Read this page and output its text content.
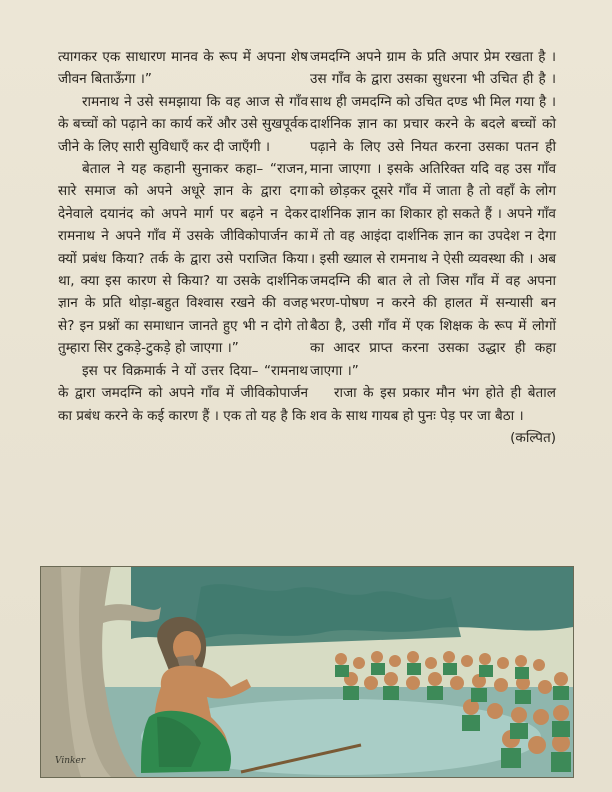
त्यागकर एक साधारण मानव के रूप में अपना शेष जीवन बिताऊँगा ।”

रामनाथ ने उसे समझाया कि वह आज से गाँव के बच्चों को पढ़ाने का कार्य करें और उसे सुखपूर्वक जीने के लिए सारी सुविधाएँ कर दी जाएँगी ।

बेताल ने यह कहानी सुनाकर कहा– “राजन, सारे समाज को अपने अधूरे ज्ञान के द्वारा दगा देनेवाले दयानंद को अपने मार्ग पर बढ़ने न देकर रामनाथ ने अपने गाँव में उसके जीविकोपार्जन का क्यों प्रबंध किया? तर्क के द्वारा उसे पराजित किया था, क्या इस कारण से किया? या उसके दार्शनिक ज्ञान के प्रति थोड़ा-बहुत विश्वास रखने की वजह से? इन प्रश्नों का समाधान जानते हुए भी न दोगे तो तुम्हारा सिर टुकड़े-टुकड़े हो जाएगा ।”

इस पर विक्रमार्क ने यों उत्तर दिया– “रामनाथ के द्वारा जमदग्नि को अपने गाँव में जीविकोपार्जन का प्रबंध करने के कई कारण हैं । एक तो यह है कि

जमदग्नि अपने ग्राम के प्रति अपार प्रेम रखता है । उस गाँव के द्वारा उसका सुधरना भी उचित ही है । साथ ही जमदग्नि को उचित दण्ड भी मिल गया है । दार्शनिक ज्ञान का प्रचार करने के बदले बच्चों को पढ़ाने के लिए उसे नियत करना उसका पतन ही माना जाएगा । इसके अतिरिक्त यदि वह उस गाँव को छोड़कर दूसरे गाँव में जाता है तो वहाँ के लोग दार्शनिक ज्ञान का शिकार हो सकते हैं । अपने गाँव में तो वह आइंदा दार्शनिक ज्ञान का उपदेश न देगा । इसी ख्याल से रामनाथ ने ऐसी व्यवस्था की । अब जमदग्नि की बात ले तो जिस गाँव में वह अपना भरण-पोषण न करने की हालत में सन्यासी बन बैठा है, उसी गाँव में एक शिक्षक के रूप में लोगों का आदर प्राप्त करना उसका उद्धार ही कहा जाएगा ।”

राजा के इस प्रकार मौन भंग होते ही बेताल शव के साथ गायब हो पुनः पेड़ पर जा बैठा ।

(कल्पित)
Vinker
